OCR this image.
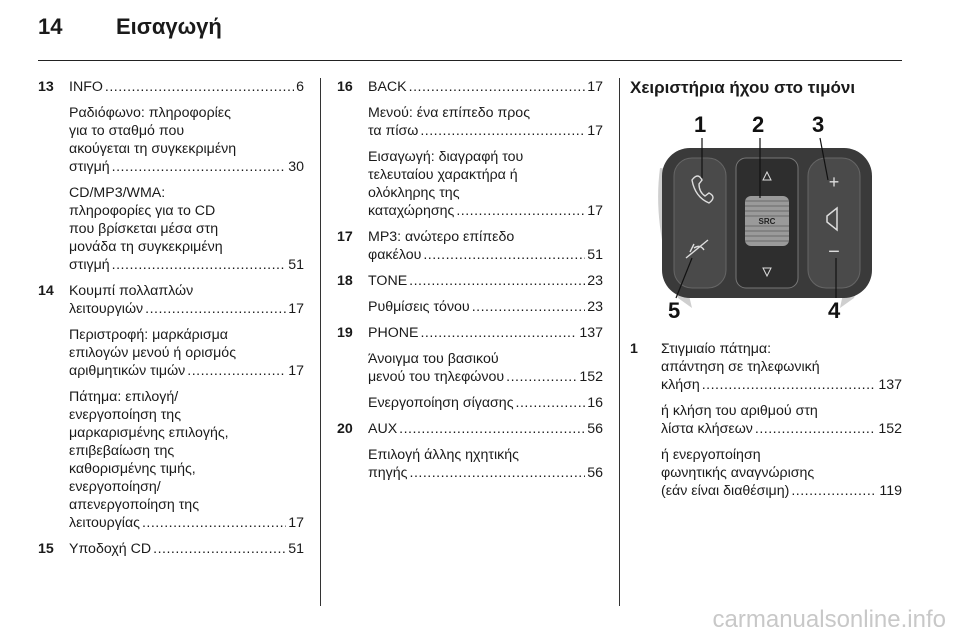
14 Εισαγωγή
13 INFO .....	6
Ραδιόφωνο: πληροφορίες
για το σταθμό που
ακούγεται τη συγκεκριμένη
στιγμή .....	30
CD/MP3/WMA:
πληροφορίες για το CD
που βρίσκεται μέσα στη
μονάδα τη συγκεκριμένη
στιγμή .....	51
14 Κουμπί πολλαπλών
λειτουργιών .....	17
Περιστροφή: μαρκάρισμα
επιλογών μενού ή ορισμός
αριθμητικών τιμών .....	17
Πάτημα: επιλογή/
ενεργοποίηση της
μαρκαρισμένης επιλογής,
επιβεβαίωση της
καθορισμένης τιμής,
ενεργοποίηση/
απενεργοποίηση της
λειτουργίας .....	17
15 Υποδοχή CD .....	51
16 BACK .....	17
Μενού: ένα επίπεδο προς
τα πίσω .....	17
Εισαγωγή: διαγραφή του
τελευταίου χαρακτήρα ή
ολόκληρης της
καταχώρησης .....	17
17 MP3: ανώτερο επίπεδο
φακέλου .....	51
18 TONE .....	23
Ρυθμίσεις τόνου .....	23
19 PHONE .....	137
Άνοιγμα του βασικού
μενού του τηλεφώνου .....	152
Ενεργοποίηση σίγασης .....	16
20 AUX .....	56
Επιλογή άλλης ηχητικής
πηγής .....	56
Χειριστήρια ήχου στο τιμόνι
SRC
+
−
1 2 3
4
5
1 Στιγμιαίο πάτημα:
απάντηση σε τηλεφωνική
κλήση .....	137
ή κλήση του αριθμού στη
λίστα κλήσεων .....	152
ή ενεργοποίηση
φωνητικής αναγνώρισης
(εάν είναι διαθέσιμη) .....	119
carmanualsonline.info
